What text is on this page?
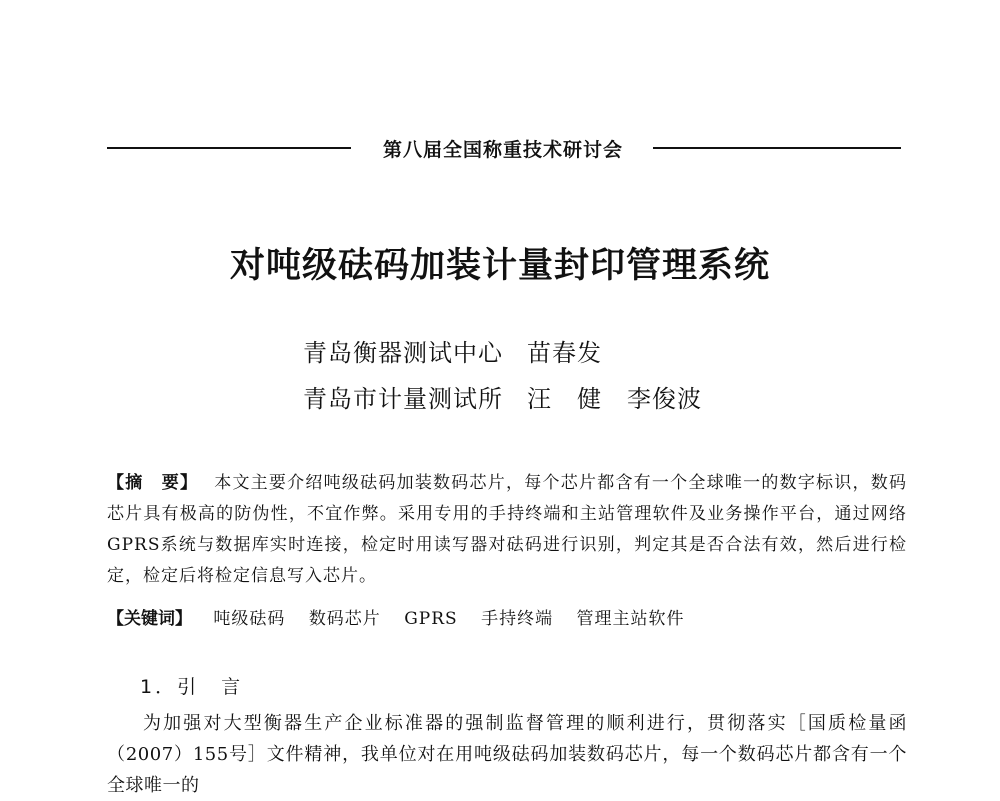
第八届全国称重技术研讨会
对吨级砝码加装计量封印管理系统
青岛衡器测试中心 苗春发
青岛市计量测试所 汪　健　李俊波
【摘　要】 本文主要介绍吨级砝码加装数码芯片，每个芯片都含有一个全球唯一的数字标识，数码芯片具有极高的防伪性，不宜作弊。采用专用的手持终端和主站管理软件及业务操作平台，通过网络GPRS系统与数据库实时连接，检定时用读写器对砝码进行识别，判定其是否合法有效，然后进行检定，检定后将检定信息写入芯片。
【关键词】 吨级砝码 数码芯片 GPRS 手持终端 管理主站软件
1．引　言
为加强对大型衡器生产企业标准器的强制监督管理的顺利进行，贯彻落实［国质检量函（2007）155号］文件精神，我单位对在用吨级砝码加装数码芯片，每一个数码芯片都含有一个全球唯一的
